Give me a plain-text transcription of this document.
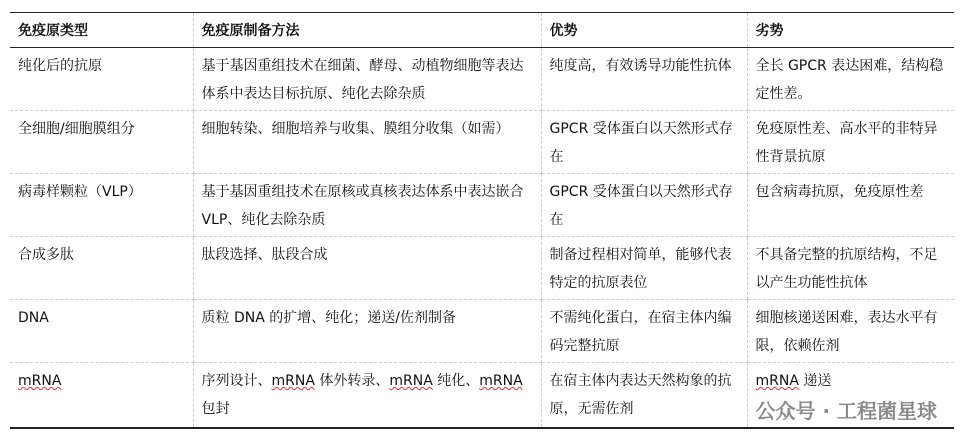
免疫原类型	免疫原制备方法	优势	劣势
纯化后的抗原	基于基因重组技术在细菌、酵母、动植物细胞等表达体系中表达目标抗原、纯化去除杂质	纯度高，有效诱导功能性抗体	全长 GPCR 表达困难，结构稳定性差。
全细胞/细胞膜组分	细胞转染、细胞培养与收集、膜组分收集（如需）	GPCR 受体蛋白以天然形式存在	免疫原性差、高水平的非特异性背景抗原
病毒样颗粒（VLP）	基于基因重组技术在原核或真核表达体系中表达嵌合 VLP、纯化去除杂质	GPCR 受体蛋白以天然形式存在	包含病毒抗原，免疫原性差
合成多肽	肽段选择、肽段合成	制备过程相对简单，能够代表特定的抗原表位	不具备完整的抗原结构，不足以产生功能性抗体
DNA	质粒 DNA 的扩增、纯化；递送/佐剂制备	不需纯化蛋白，在宿主体内编码完整抗原	细胞核递送困难，表达水平有限，依赖佐剂
mRNA	序列设计、mRNA 体外转录、mRNA 纯化、mRNA 包封	在宿主体内表达天然构象的抗原，无需佐剂	mRNA 递送
公众号 · 工程菌星球
